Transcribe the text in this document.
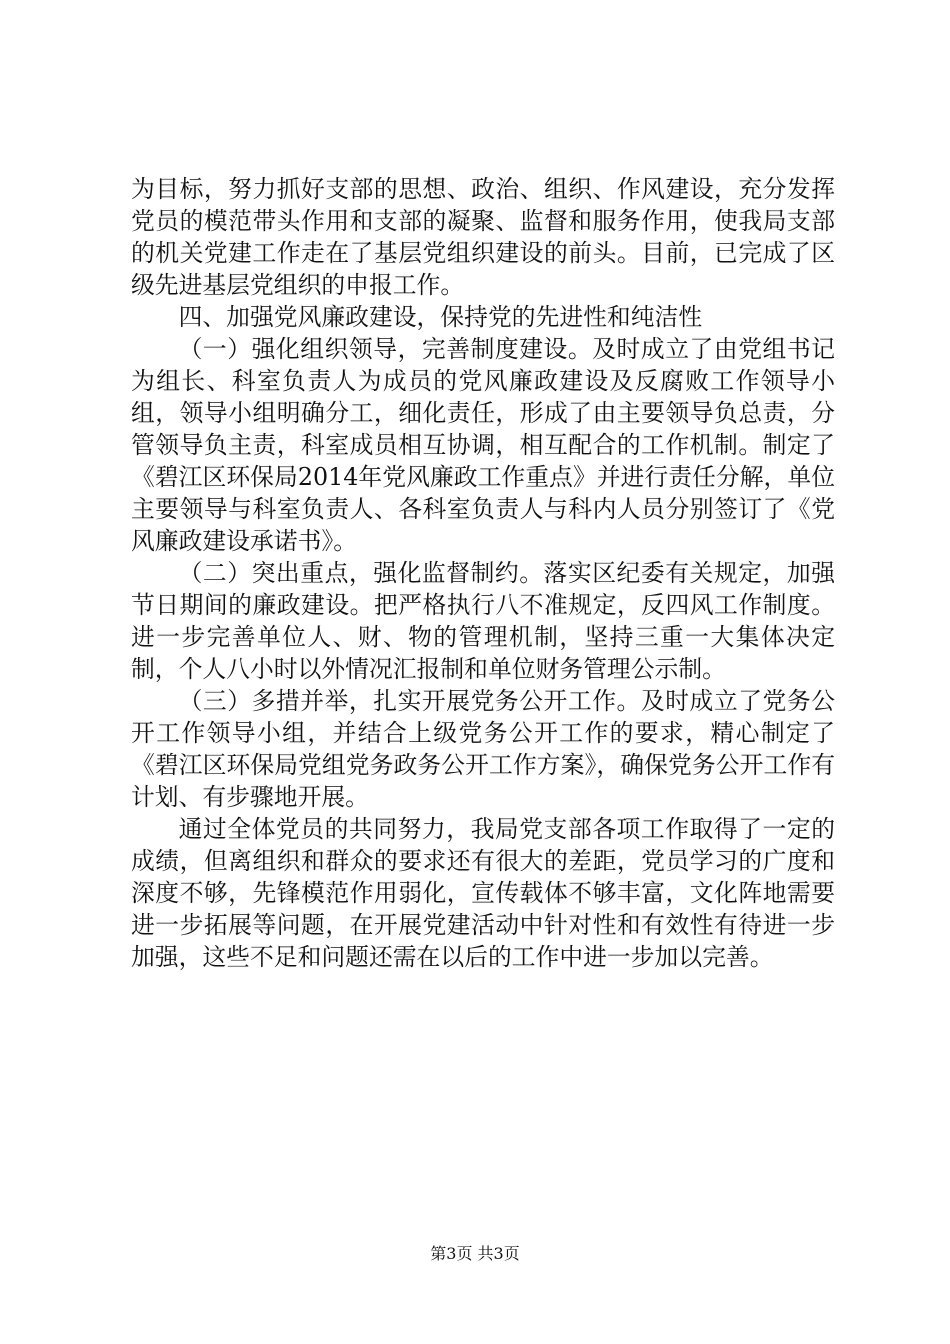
为目标，努力抓好支部的思想、政治、组织、作风建设，充分发挥党员的模范带头作用和支部的凝聚、监督和服务作用，使我局支部的机关党建工作走在了基层党组织建设的前头。目前，已完成了区级先进基层党组织的申报工作。

四、加强党风廉政建设，保持党的先进性和纯洁性

（一）强化组织领导，完善制度建设。及时成立了由党组书记为组长、科室负责人为成员的党风廉政建设及反腐败工作领导小组，领导小组明确分工，细化责任，形成了由主要领导负总责，分管领导负主责，科室成员相互协调，相互配合的工作机制。制定了《碧江区环保局2014年党风廉政工作重点》并进行责任分解，单位主要领导与科室负责人、各科室负责人与科内人员分别签订了《党风廉政建设承诺书》。

（二）突出重点，强化监督制约。落实区纪委有关规定，加强节日期间的廉政建设。把严格执行八不准规定，反四风工作制度。进一步完善单位人、财、物的管理机制，坚持三重一大集体决定制，个人八小时以外情况汇报制和单位财务管理公示制。

（三）多措并举，扎实开展党务公开工作。及时成立了党务公开工作领导小组，并结合上级党务公开工作的要求，精心制定了《碧江区环保局党组党务政务公开工作方案》，确保党务公开工作有计划、有步骤地开展。

通过全体党员的共同努力，我局党支部各项工作取得了一定的成绩，但离组织和群众的要求还有很大的差距，党员学习的广度和深度不够，先锋模范作用弱化，宣传载体不够丰富，文化阵地需要进一步拓展等问题，在开展党建活动中针对性和有效性有待进一步加强，这些不足和问题还需在以后的工作中进一步加以完善。

第3页 共3页
